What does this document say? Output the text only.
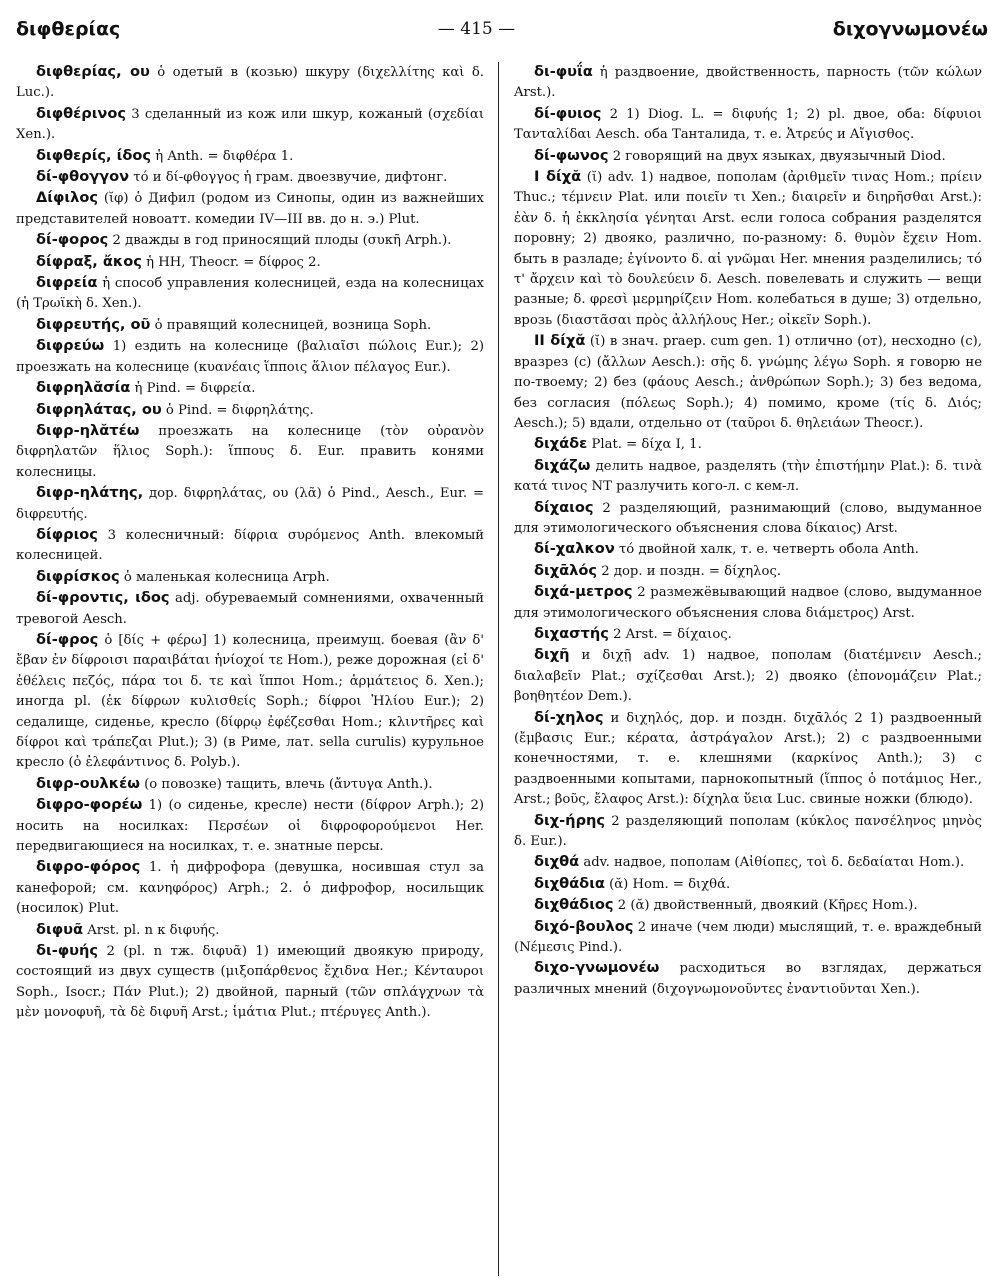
διφθερίας	— 415 —	διχογνωμονέω

διφθερίας, ου ὁ одетый в (козью) шкуру (διχελλίτης καὶ δ. Luc.).

διφθέρινος 3 сделанный из кож или шкур, кожаный (σχεδίαι Xen.).

διφθερίς, ίδος ἡ Anth. = διφθέρα 1.

δί-φθογγον τό и δί-φθογγος ἡ грам. двоезвучие, дифтонг.

Δίφιλος (ῐφ) ὁ Дифил (родом из Синопы, один из важнейших представителей новоатт. комедии IV—III вв. до н. э.) Plut.

δί-φορος 2 дважды в год приносящий плоды (συκῆ Arph.).

δίφραξ, ἄκος ἡ HH, Theocr. = δίφρος 2.

διφρεία ἡ способ управления колесницей, езда на колесницах (ἡ Τρωϊκὴ δ. Xen.).

διφρευτής, οῦ ὁ правящий колесницей, возница Soph.

διφρεύω 1) ездить на колеснице (βαλιαῖσι πώλοις Eur.); 2) проезжать на колеснице (κυανέαις ἵπποις ἅλιον πέλαγος Eur.).

διφρηλᾰσία ἡ Pind. = διφρεία.

διφρηλάτας, ου ὁ Pind. = διφρηλάτης.

διφρ-ηλᾰτέω проезжать на колеснице (τὸν οὐρανὸν διφρηλατῶν ἥλιος Soph.): ἵππους δ. Eur. править конями колесницы.

διφρ-ηλάτης, дор. διφρηλάτας, ου (λᾶ) ὁ Pind., Aesch., Eur. = διφρευτής.

δίφριος 3 колесничный: δίφρια συρόμενος Anth. влекомый колесницей.

διφρίσκος ὁ маленькая колесница Arph.

δί-φροντις, ιδος adj. обуреваемый сомнениями, охваченный тревогой Aesch.

δί-φρος ὁ [δίς + φέρω] 1) колесница, преимущ. боевая (ἂν δ' ἔβαν ἐν δίφροισι παραιβάται ἡνίοχοί τε Hom.), реже дорожная (εἰ δ' ἐθέλεις πεζός, πάρα τοι δ. τε καὶ ἵπποι Hom.; ἁρμάτειος δ. Xen.); иногда pl. (ἐκ δίφρων κυλισθείς Soph.; δίφροι Ἡλίου Eur.); 2) седалище, сиденье, кресло (δίφρῳ ἐφέζεσθαι Hom.; κλιντῆρες καὶ δίφροι καὶ τράπεζαι Plut.); 3) (в Риме, лат. sella curulis) курульное кресло (ὁ ἐλεφάντινος δ. Polyb.).

διφρ-ουλκέω (о повозке) тащить, влечь (ἄντυγα Anth.).

διφρο-φορέω 1) (о сиденье, кресле) нести (δίφρον Arph.); 2) носить на носилках: Περσέων οἱ διφροφορούμενοι Her. передвигающиеся на носилках, т. е. знатные персы.

διφρο-φόρος 1. ἡ дифрофора (девушка, носившая стул за канефорой; см. κανηφόρος) Arph.; 2. ὁ дифрофор, носильщик (носилок) Plut.

διφυᾶ Arst. pl. n к διφυής.

δι-φυής 2 (pl. n тж. διφυᾶ) 1) имеющий двоякую природу, состоящий из двух существ (μιξοπάρθενος ἔχιδνα Her.; Κένταυροι Soph., Isocr.; Πάν Plut.); 2) двойной, парный (τῶν σπλάγχνων τὰ μὲν μονοφυῆ, τὰ δὲ διφυῆ Arst.; ἱμάτια Plut.; πτέρυγες Anth.).

δι-φυΐα ἡ раздвоение, двойственность, парность (τῶν κώλων Arst.).

δί-φυιος 2 1) Diog. L. = διφυής 1; 2) pl. двое, оба: δίφυιοι Τανταλίδαι Aesch. оба Танталида, т. е. Ἀτρεύς и Αἴγισθος.

δί-φωνος 2 говорящий на двух языках, двуязычный Diod.

I δίχᾰ (ῐ) adv. 1) надвое, пополам (ἀριθμεῖν τινας Hom.; πρίειν Thuc.; τέμνειν Plat. или ποιεῖν τι Xen.; διαιρεῖν и διηρῆσθαι Arst.): ἐὰν δ. ἡ ἐκκλησία γένηται Arst. если голоса собрания разделятся поровну; 2) двояко, различно, по-разному: δ. θυμὸν ἔχειν Hom. быть в разладе; ἐγίνοντο δ. αἱ γνῶμαι Her. мнения разделились; τό τ' ἄρχειν καὶ τὸ δουλεύειν δ. Aesch. повелевать и служить — вещи разные; δ. φρεσὶ μερμηρίζειν Hom. колебаться в душе; 3) отдельно, врозь (διαστᾶσαι πρὸς ἀλλήλους Her.; οἰκεῖν Soph.).

II δίχᾰ (ῐ) в знач. praep. cum gen. 1) отлично (от), несходно (с), вразрез (с) (ἄλλων Aesch.): σῆς δ. γνώμης λέγω Soph. я говорю не по-твоему; 2) без (φάους Aesch.; ἀνθρώπων Soph.); 3) без ведома, без согласия (πόλεως Soph.); 4) помимо, кроме (τίς δ. Διός; Aesch.); 5) вдали, отдельно от (ταῦροι δ. θηλειάων Theocr.).

διχάδε Plat. = δίχα I, 1.

διχάζω делить надвое, разделять (τὴν ἐπιστήμην Plat.): δ. τινὰ κατά τινος NT разлучить кого-л. с кем-л.

δίχαιος 2 разделяющий, разнимающий (слово, выдуманное для этимологического объяснения слова δίκαιος) Arst.

δί-χαλκον τό двойной халк, т. е. четверть обола Anth.

διχᾱλός 2 дор. и поздн. = δίχηλος.

διχά-μετρος 2 размежёвывающий надвое (слово, выдуманное для этимологического объяснения слова διάμετρος) Arst.

διχαστής 2 Arst. = δίχαιος.

διχῆ и διχῇ adv. 1) надвое, пополам (διατέμνειν Aesch.; διαλαβεῖν Plat.; σχίζεσθαι Arst.); 2) двояко (ἐπονομάζειν Plat.; βοηθητέον Dem.).

δί-χηλος и διχηλός, дор. и поздн. διχᾱλός 2 1) раздвоенный (ἔμβασις Eur.; κέρατα, ἀστράγαλον Arst.); 2) с раздвоенными конечностями, т. е. клешнями (καρκίνος Anth.); 3) с раздвоенными копытами, парнокопытный (ἵππος ὁ ποτάμιος Her., Arst.; βοῦς, ἔλαφος Arst.): δίχηλα ὕεια Luc. свиные ножки (блюдо).

διχ-ήρης 2 разделяющий пополам (κύκλος πανσέληνος μηνὸς δ. Eur.).

διχθά adv. надвое, пополам (Αἰθίοπες, τοὶ δ. δεδαίαται Hom.).

διχθάδια (ᾰ) Hom. = διχθά.

διχθάδιος 2 (ᾰ) двойственный, двоякий (Κῆρες Hom.).

διχό-βουλος 2 иначе (чем люди) мыслящий, т. е. враждебный (Νέμεσις Pind.).

διχο-γνωμονέω расходиться во взглядах, держаться различных мнений (διχογνωμονοῦντες ἐναντιοῦνται Xen.).
